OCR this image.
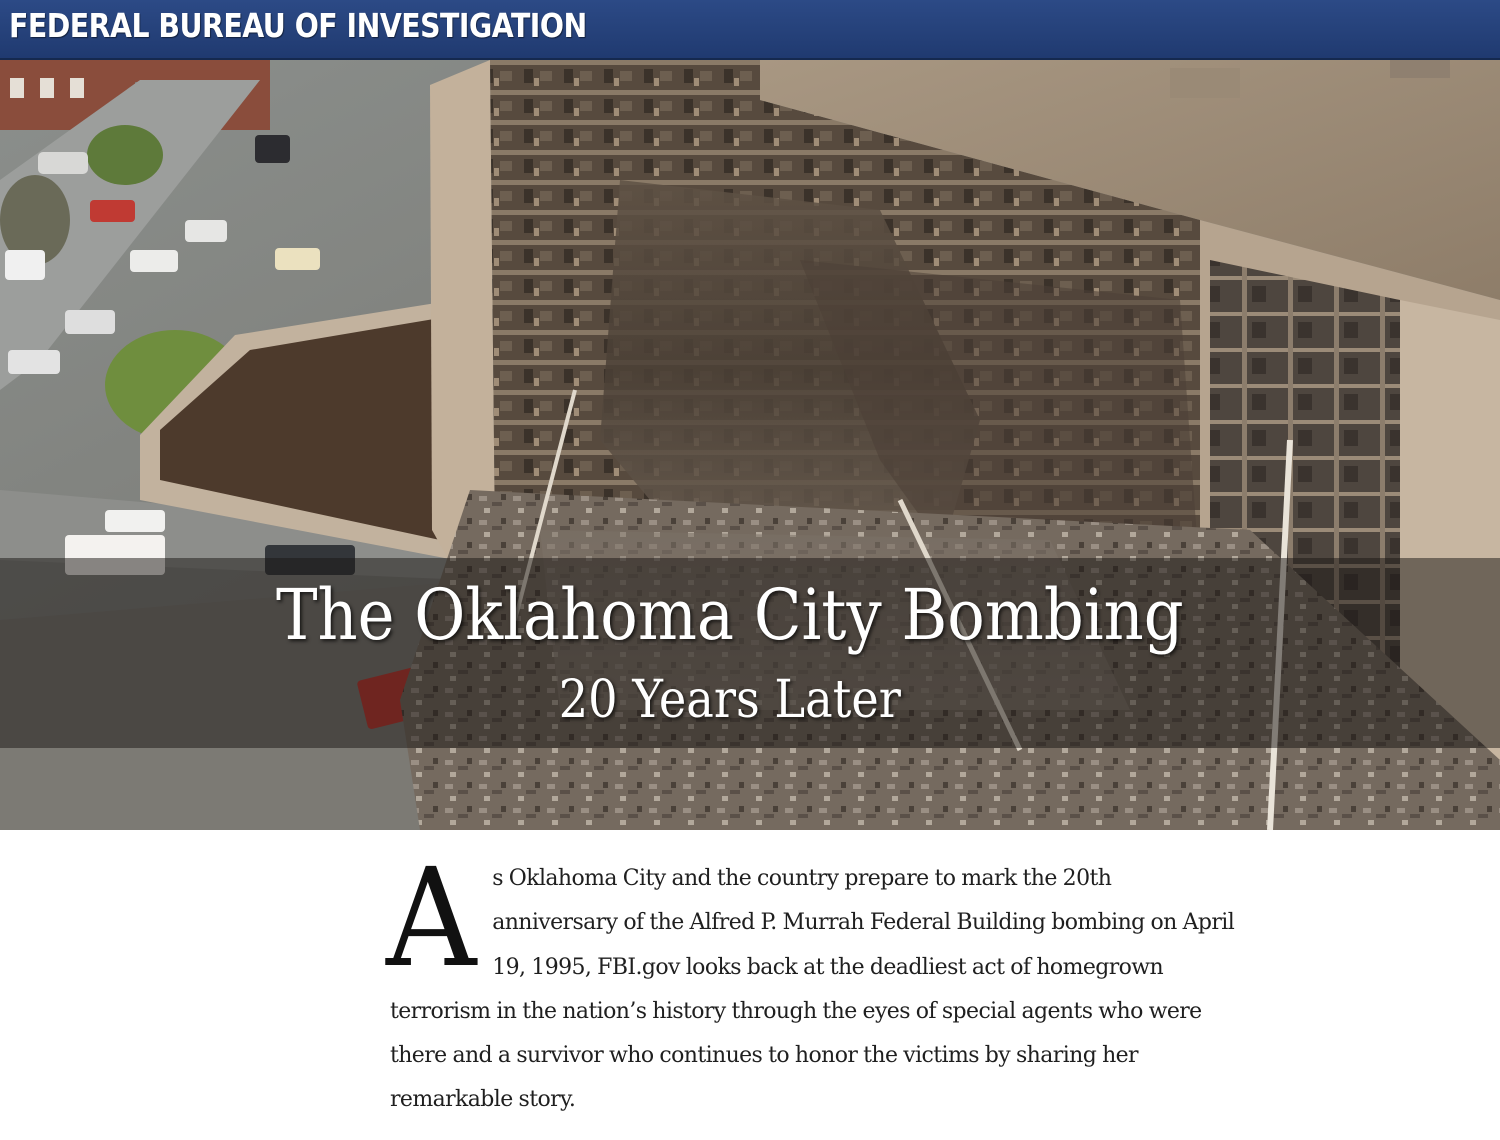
FEDERAL BUREAU OF INVESTIGATION
The Oklahoma City Bombing
20 Years Later
A s Oklahoma City and the country prepare to mark the 20th anniversary of the Alfred P. Murrah Federal Building bombing on April 19, 1995, FBI.gov looks back at the deadliest act of homegrown terrorism in the nation’s history through the eyes of special agents who were there and a survivor who continues to honor the victims by sharing her remarkable story.
